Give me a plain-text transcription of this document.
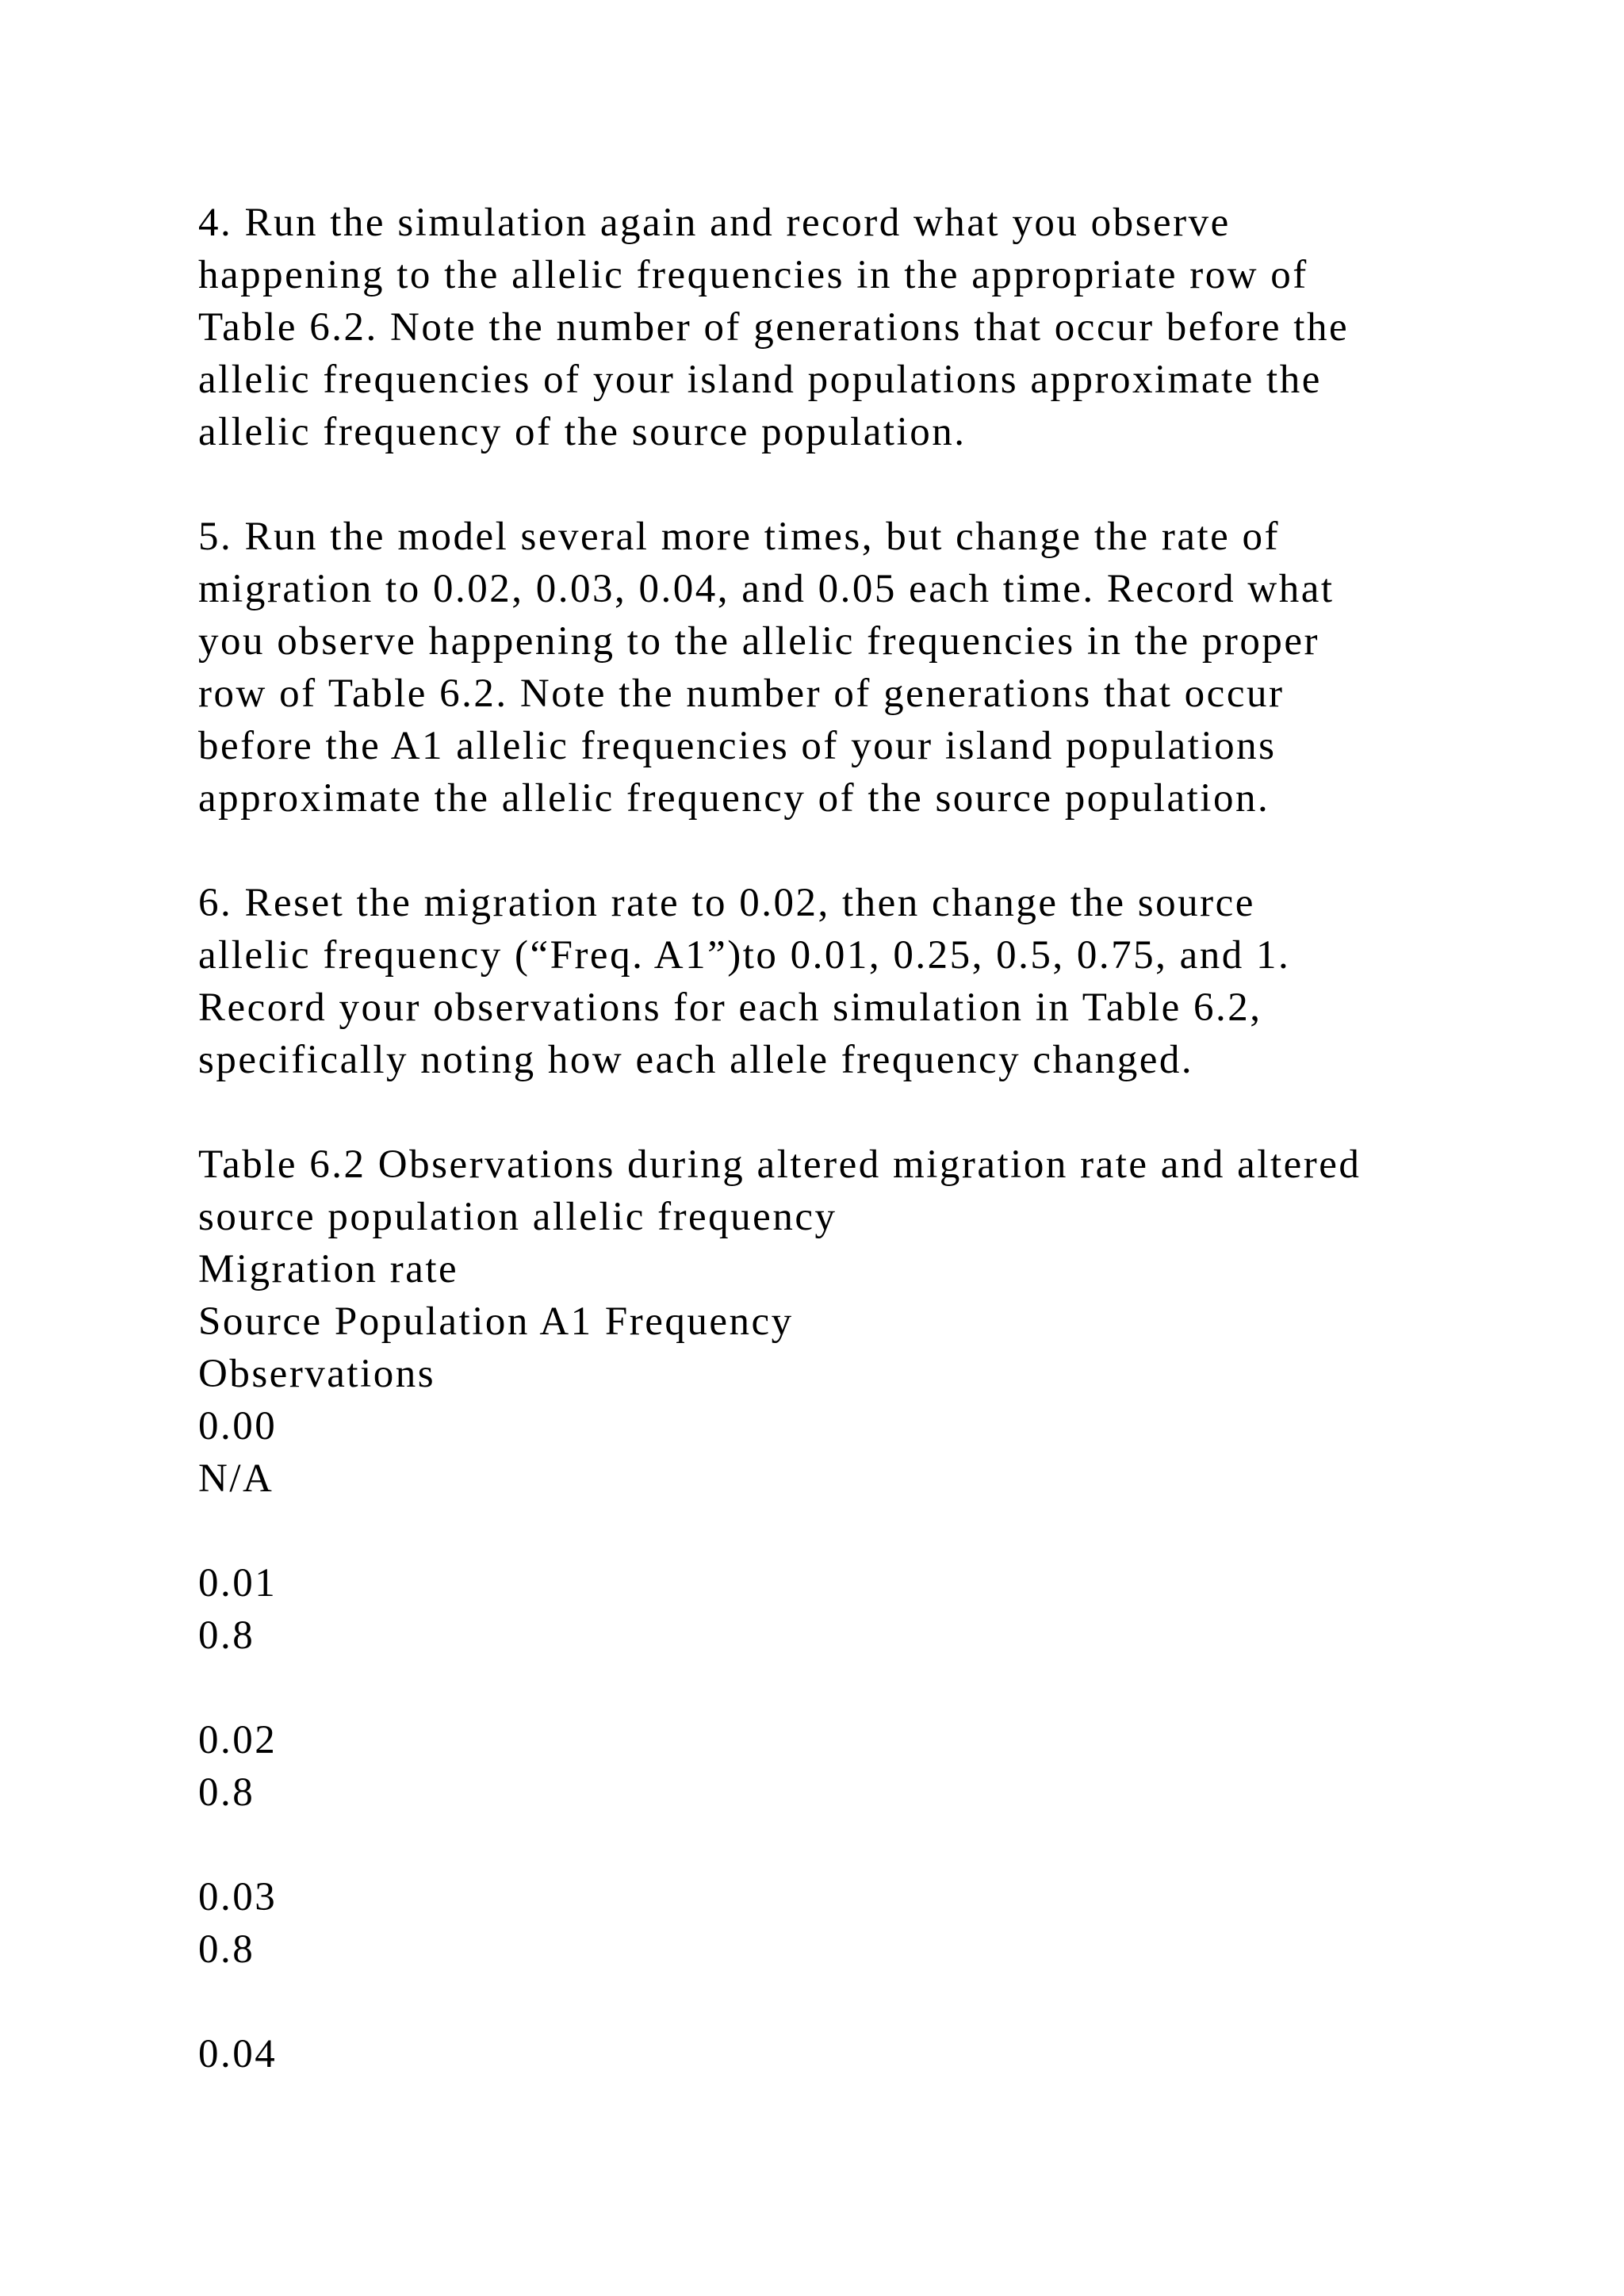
4. Run the simulation again and record what you observe
happening to the allelic frequencies in the appropriate row of
Table 6.2. Note the number of generations that occur before the
allelic frequencies of your island populations approximate the
allelic frequency of the source population.
5. Run the model several more times, but change the rate of
migration to 0.02, 0.03, 0.04, and 0.05 each time. Record what
you observe happening to the allelic frequencies in the proper
row of Table 6.2. Note the number of generations that occur
before the A1 allelic frequencies of your island populations
approximate the allelic frequency of the source population.
6. Reset the migration rate to 0.02, then change the source
allelic frequency (“Freq. A1”)to 0.01, 0.25, 0.5, 0.75, and 1.
Record your observations for each simulation in Table 6.2,
specifically noting how each allele frequency changed.
Table 6.2 Observations during altered migration rate and altered
source population allelic frequency
Migration rate
Source Population A1 Frequency
Observations
0.00
N/A
0.01
0.8
0.02
0.8
0.03
0.8
0.04
